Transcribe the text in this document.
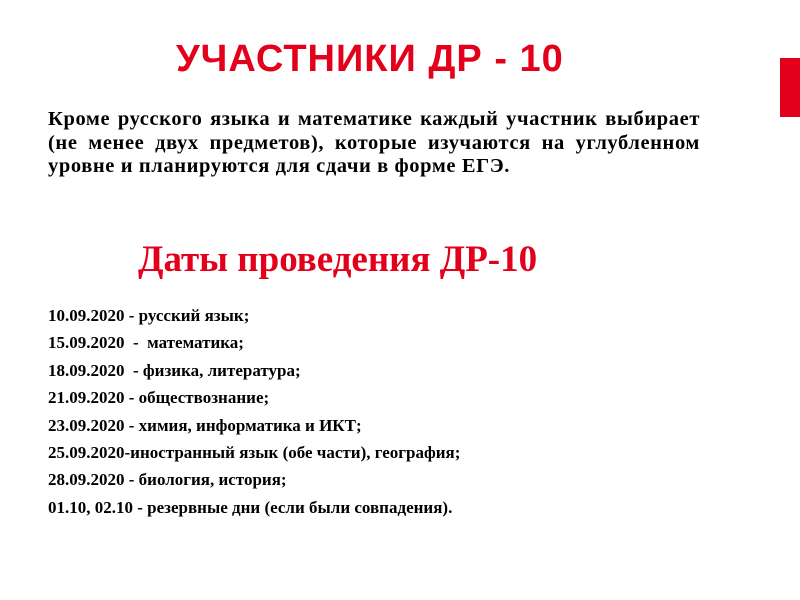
УЧАСТНИКИ ДР - 10

Кроме русского языка и математике каждый участник выбирает (не менее двух предметов), которые изучаются на углубленном уровне и планируются для сдачи в форме ЕГЭ.

Даты проведения ДР-10
10.09.2020 - русский язык;
15.09.2020  -  математика;
18.09.2020  - физика, литература;
21.09.2020 - обществознание;
23.09.2020 - химия, информатика и ИКТ;
25.09.2020-иностранный язык (обе части), география;
28.09.2020 - биология, история;
01.10, 02.10 - резервные дни (если были совпадения).
